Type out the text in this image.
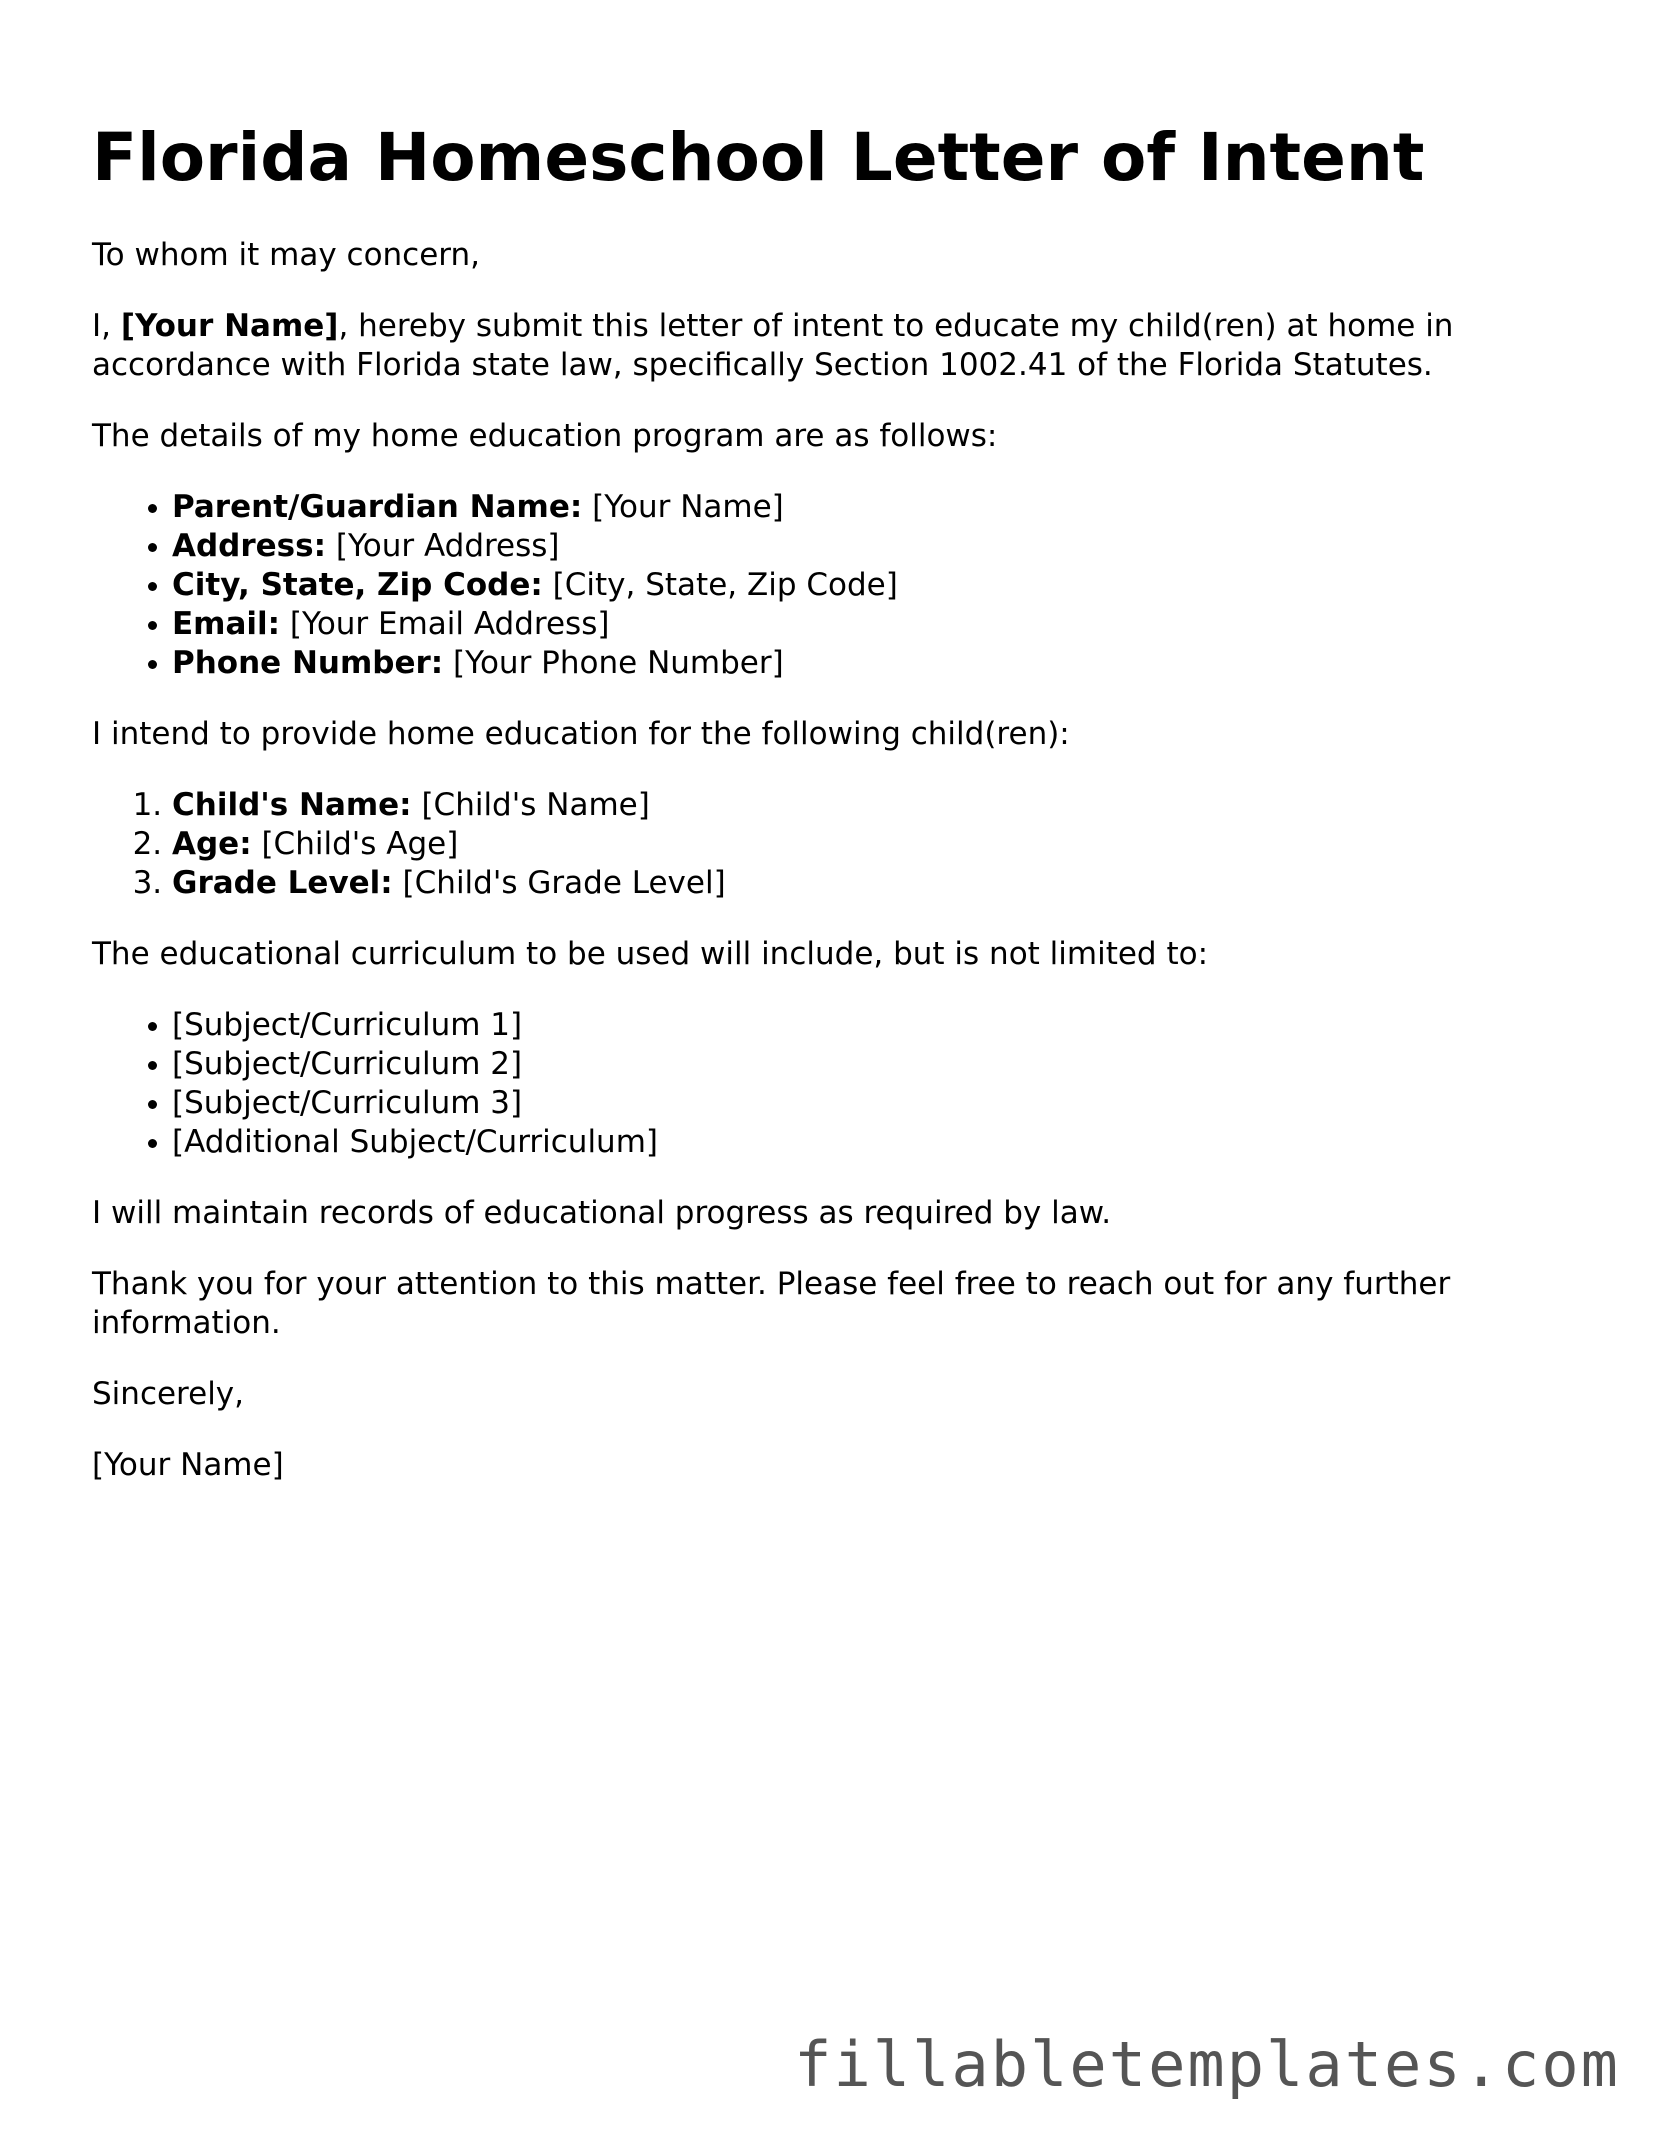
Florida Homeschool Letter of Intent

To whom it may concern,

I, [Your Name], hereby submit this letter of intent to educate my child(ren) at home in accordance with Florida state law, specifically Section 1002.41 of the Florida Statutes.

The details of my home education program are as follows:

• Parent/Guardian Name: [Your Name]
• Address: [Your Address]
• City, State, Zip Code: [City, State, Zip Code]
• Email: [Your Email Address]
• Phone Number: [Your Phone Number]

I intend to provide home education for the following child(ren):

1. Child's Name: [Child's Name]
2. Age: [Child's Age]
3. Grade Level: [Child's Grade Level]

The educational curriculum to be used will include, but is not limited to:

• [Subject/Curriculum 1]
• [Subject/Curriculum 2]
• [Subject/Curriculum 3]
• [Additional Subject/Curriculum]

I will maintain records of educational progress as required by law.

Thank you for your attention to this matter. Please feel free to reach out for any further information.

Sincerely,

[Your Name]

fillabletemplates.com
